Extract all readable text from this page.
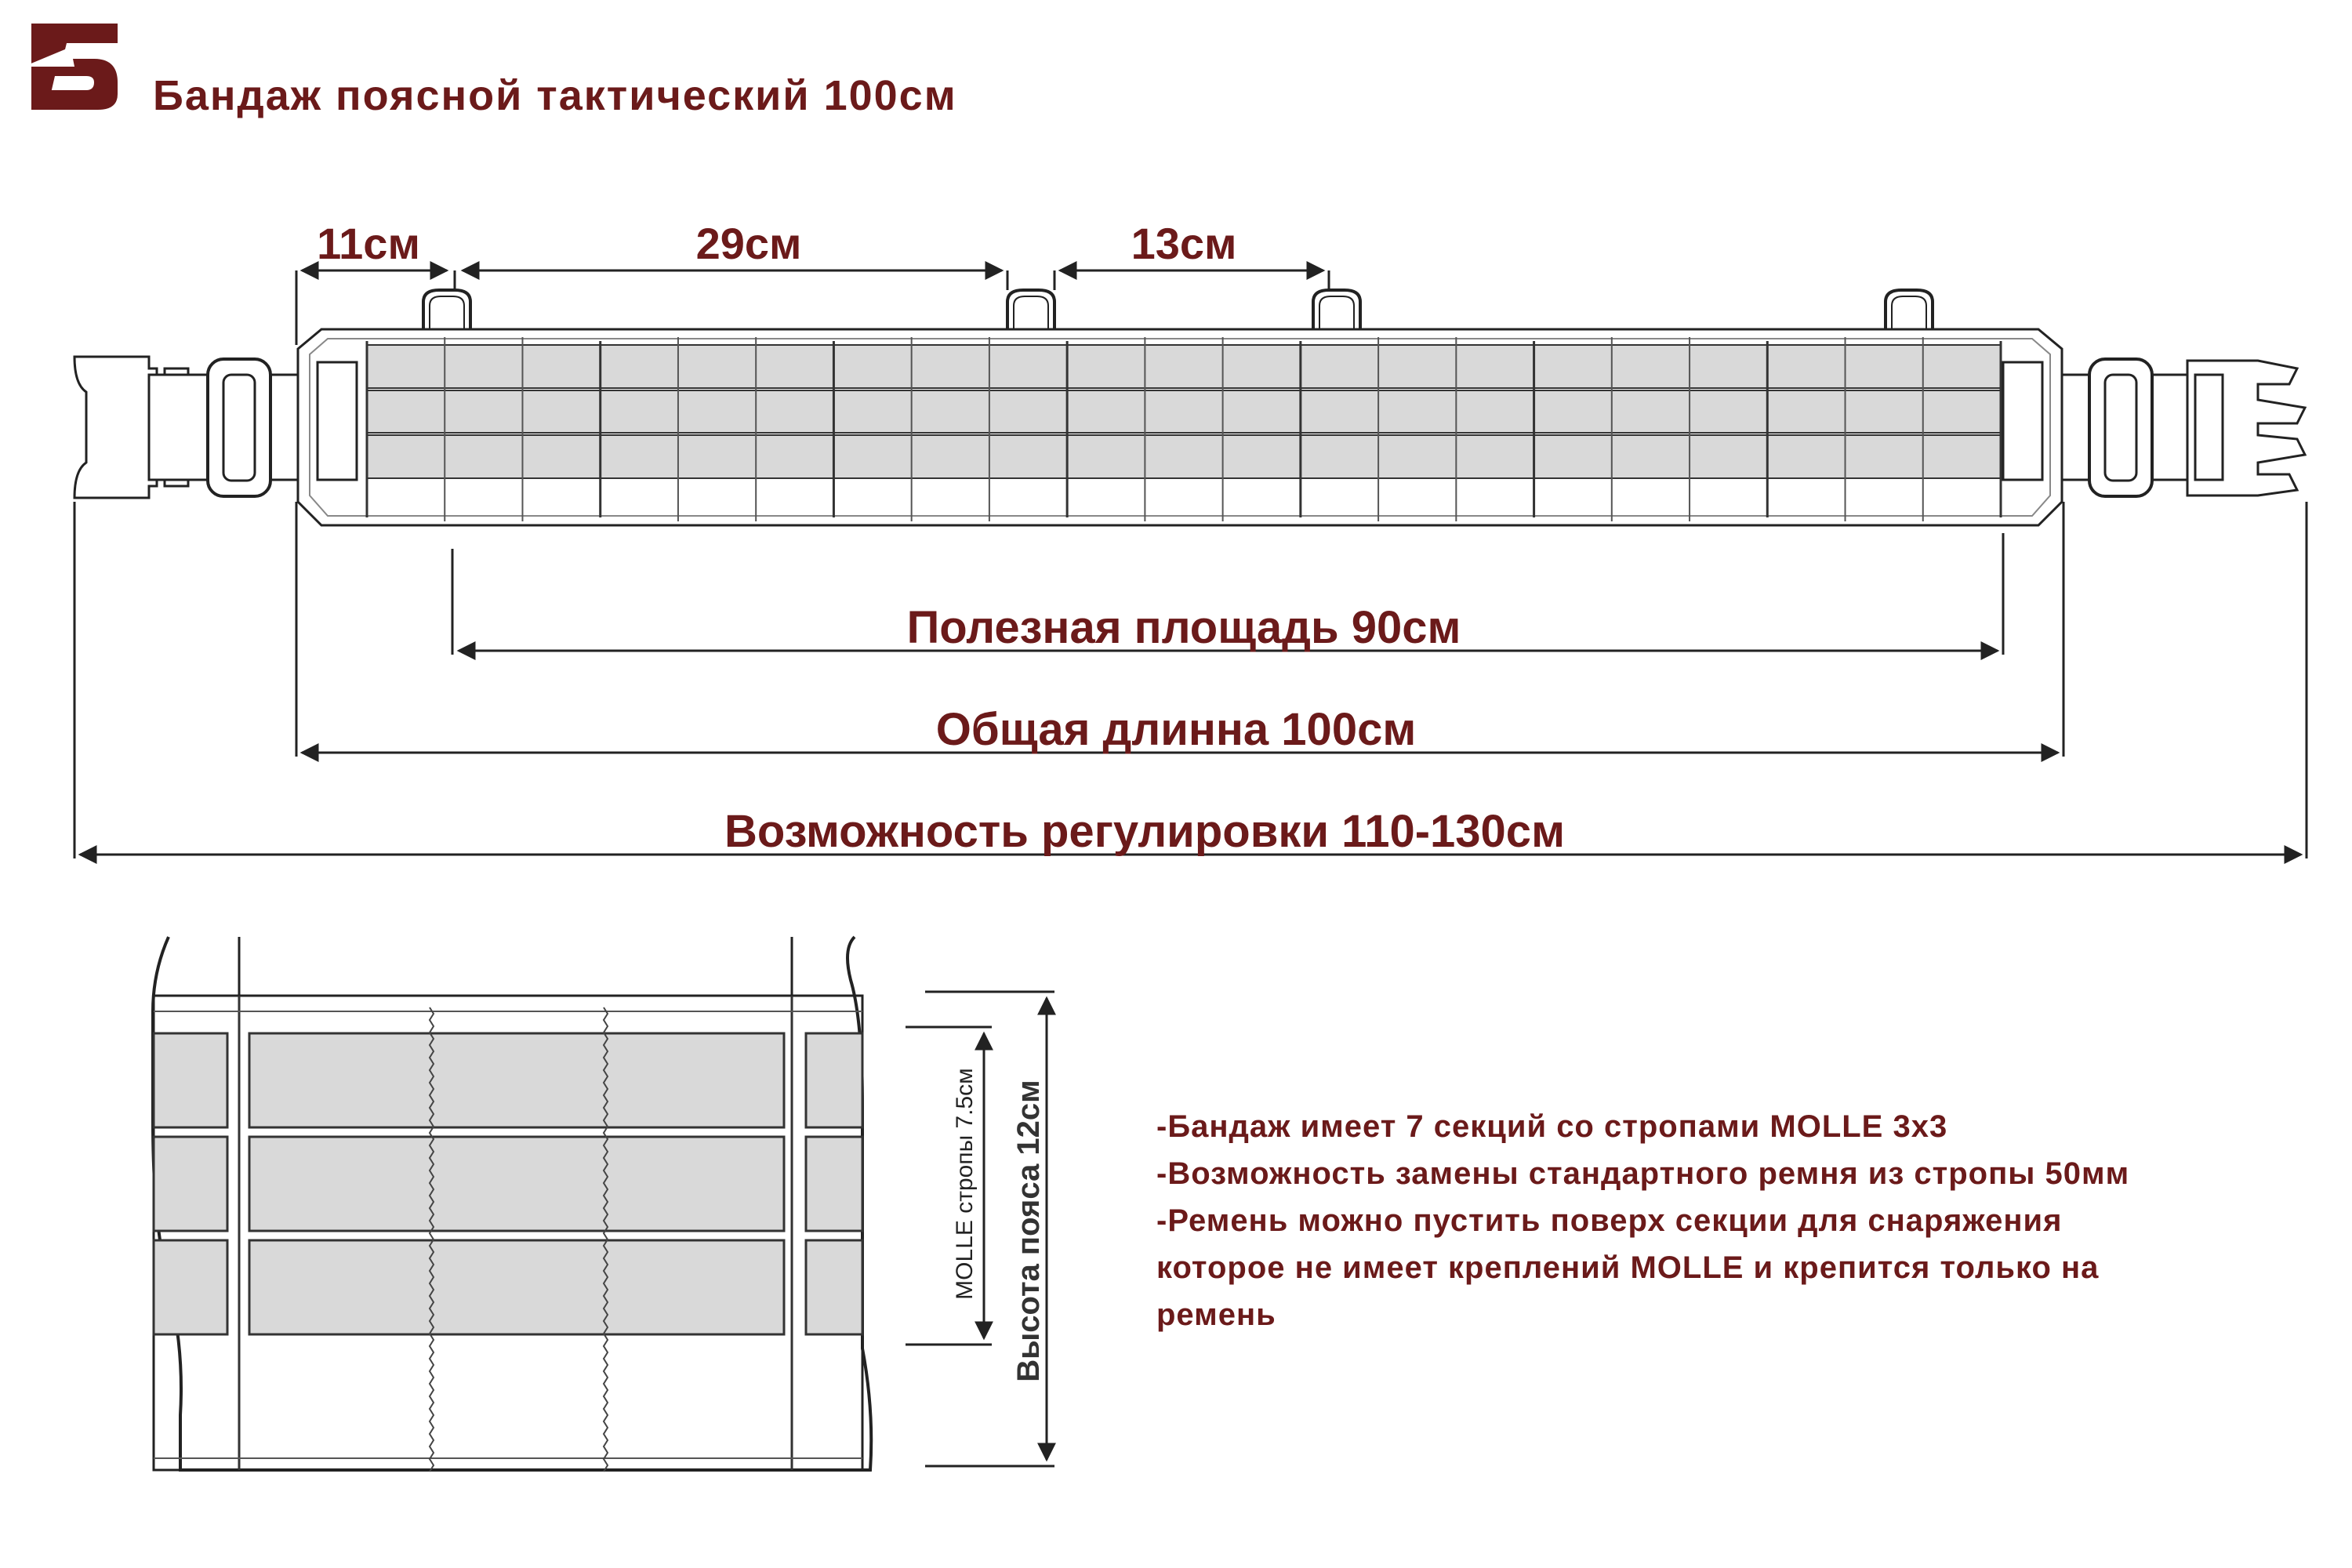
Бандаж поясной тактический 100см
11см	29см	13см
Полезная площадь 90см
Общая длинна 100см
Возможность регулировки 110-130см
MOLLE стропы 7.5см Высота пояса 12см	-Бандаж имеет 7 секций со стропами MOLLE 3x3
-Возможность замены стандартного ремня из стропы 50мм
-Ремень можно пустить поверх секции для снаряжения
которое не имеет креплений MOLLE и крепится только на
ремень
